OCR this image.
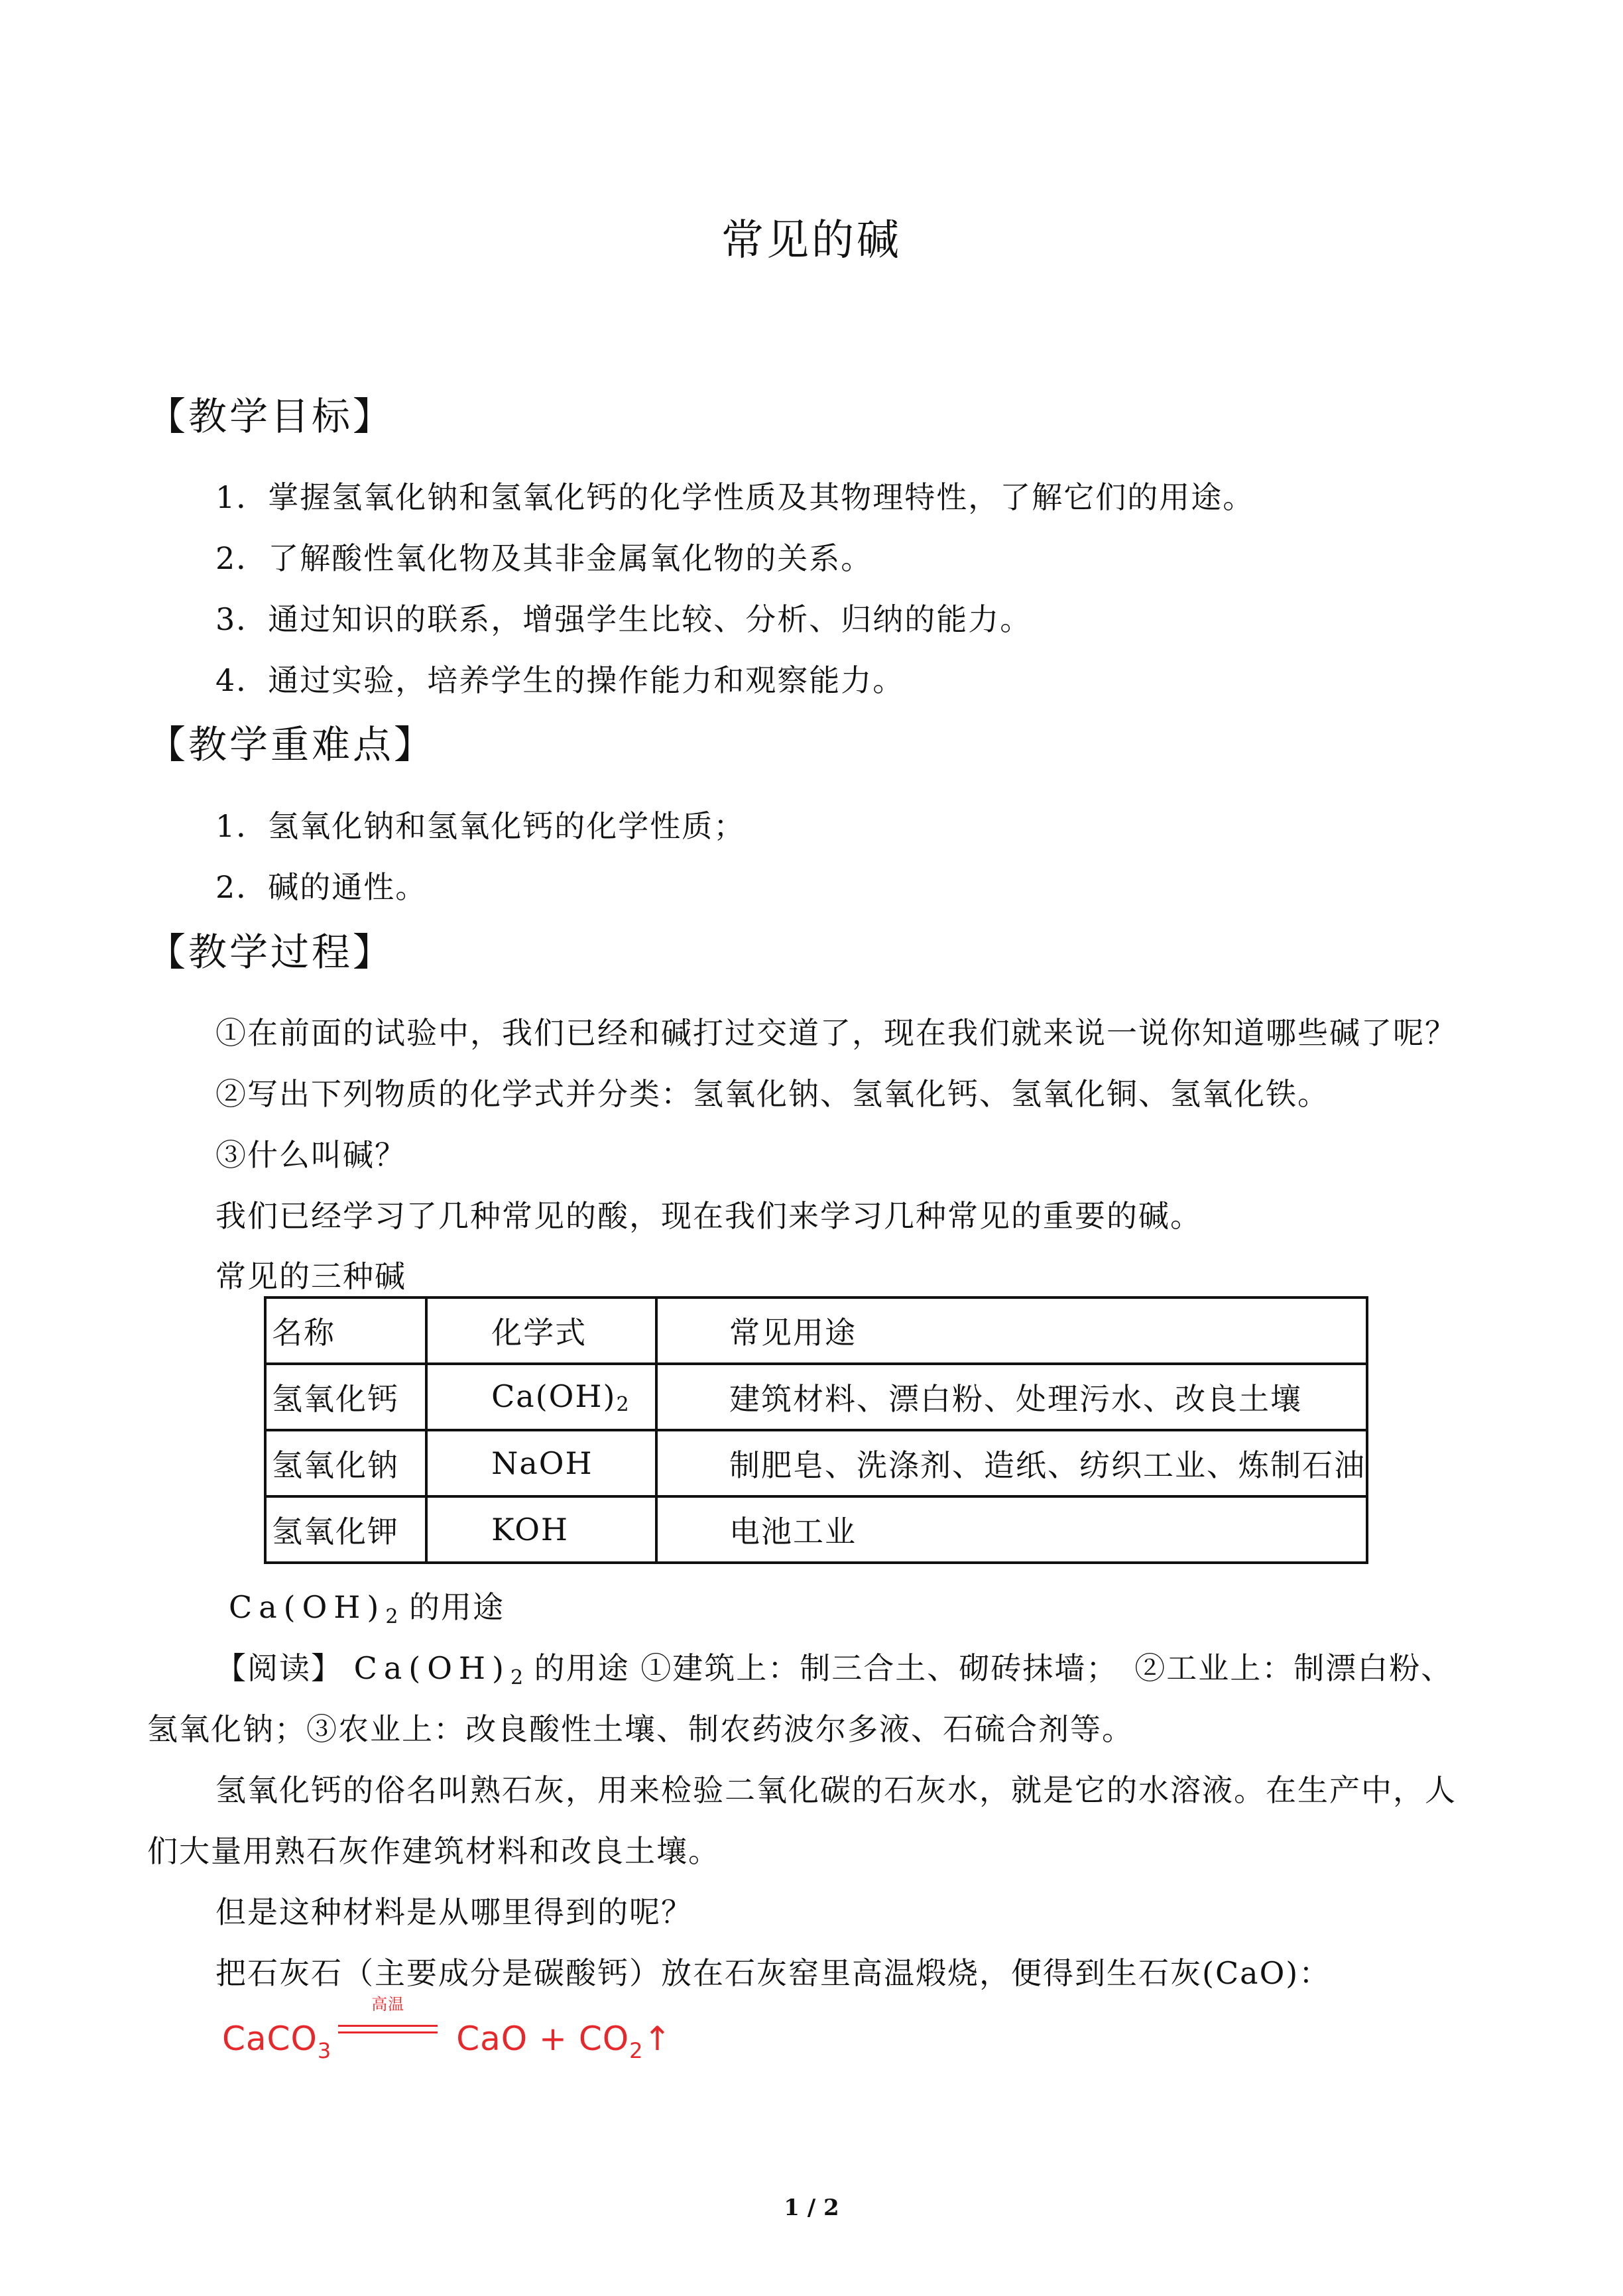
常见的碱
【教学目标】
1．掌握氢氧化钠和氢氧化钙的化学性质及其物理特性，了解它们的用途。
2．了解酸性氧化物及其非金属氧化物的关系。
3．通过知识的联系，增强学生比较、分析、归纳的能力。
4．通过实验，培养学生的操作能力和观察能力。
【教学重难点】
1．氢氧化钠和氢氧化钙的化学性质；
2．碱的通性。
【教学过程】
①在前面的试验中，我们已经和碱打过交道了，现在我们就来说一说你知道哪些碱了呢？
②写出下列物质的化学式并分类：氢氧化钠、氢氧化钙、氢氧化铜、氢氧化铁。
③什么叫碱？
我们已经学习了几种常见的酸，现在我们来学习几种常见的重要的碱。
常见的三种碱
名称	化学式	常见用途
氢氧化钙	$Ca(OH)_2$	建筑材料、漂白粉、处理污水、改良土壤
氢氧化钠	NaOH	制肥皂、洗涤剂、造纸、纺织工业、炼制石油
氢氧化钾	KOH	电池工业
$Ca(OH)_2$ 的用途
【阅读】 $Ca(OH)_2$ 的用途 ①建筑上：制三合土、砌砖抹墙；　②工业上：制漂白粉、
氢氧化钠；③农业上：改良酸性土壤、制农药波尔多液、石硫合剂等。
氢氧化钙的俗名叫熟石灰，用来检验二氧化碳的石灰水，就是它的水溶液。在生产中，人
们大量用熟石灰作建筑材料和改良土壤。
但是这种材料是从哪里得到的呢？
把石灰石（主要成分是碳酸钙）放在石灰窑里高温煅烧，便得到生石灰(CaO)：
CaCO$_3$
高温
CaO + $CO_2↑$
1 / 2
